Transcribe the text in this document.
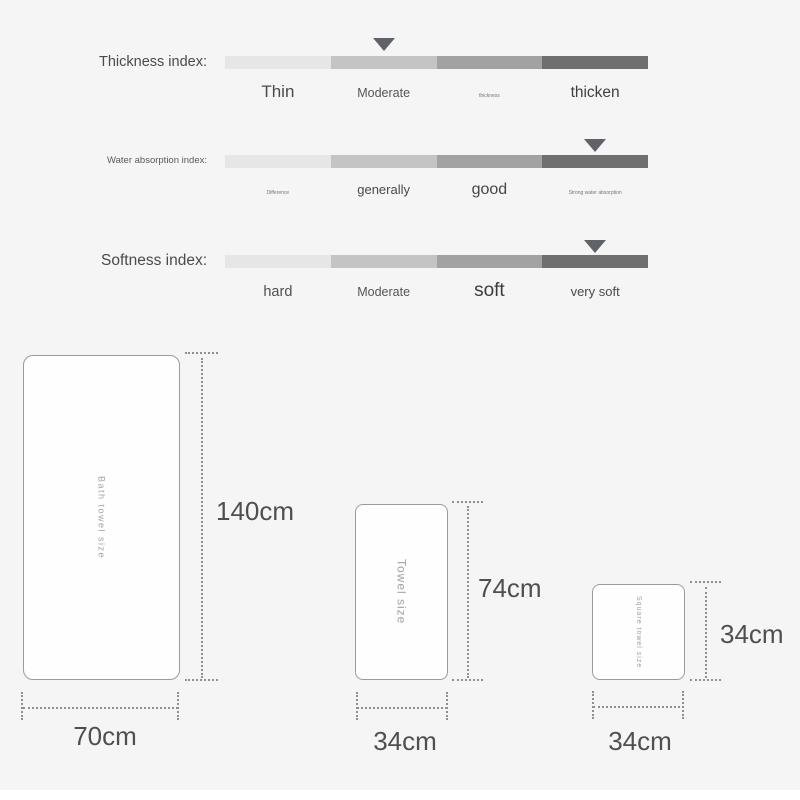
Thickness index:
Thin	Moderate	thickness	thicken
Water absorption index:
Difference	generally	good	Strong water absorption
Softness index:
hard	Moderate	soft	very soft
Bath towel size	140cm
70cm
Towel size	74cm
34cm
Square towel size	34cm
34cm
